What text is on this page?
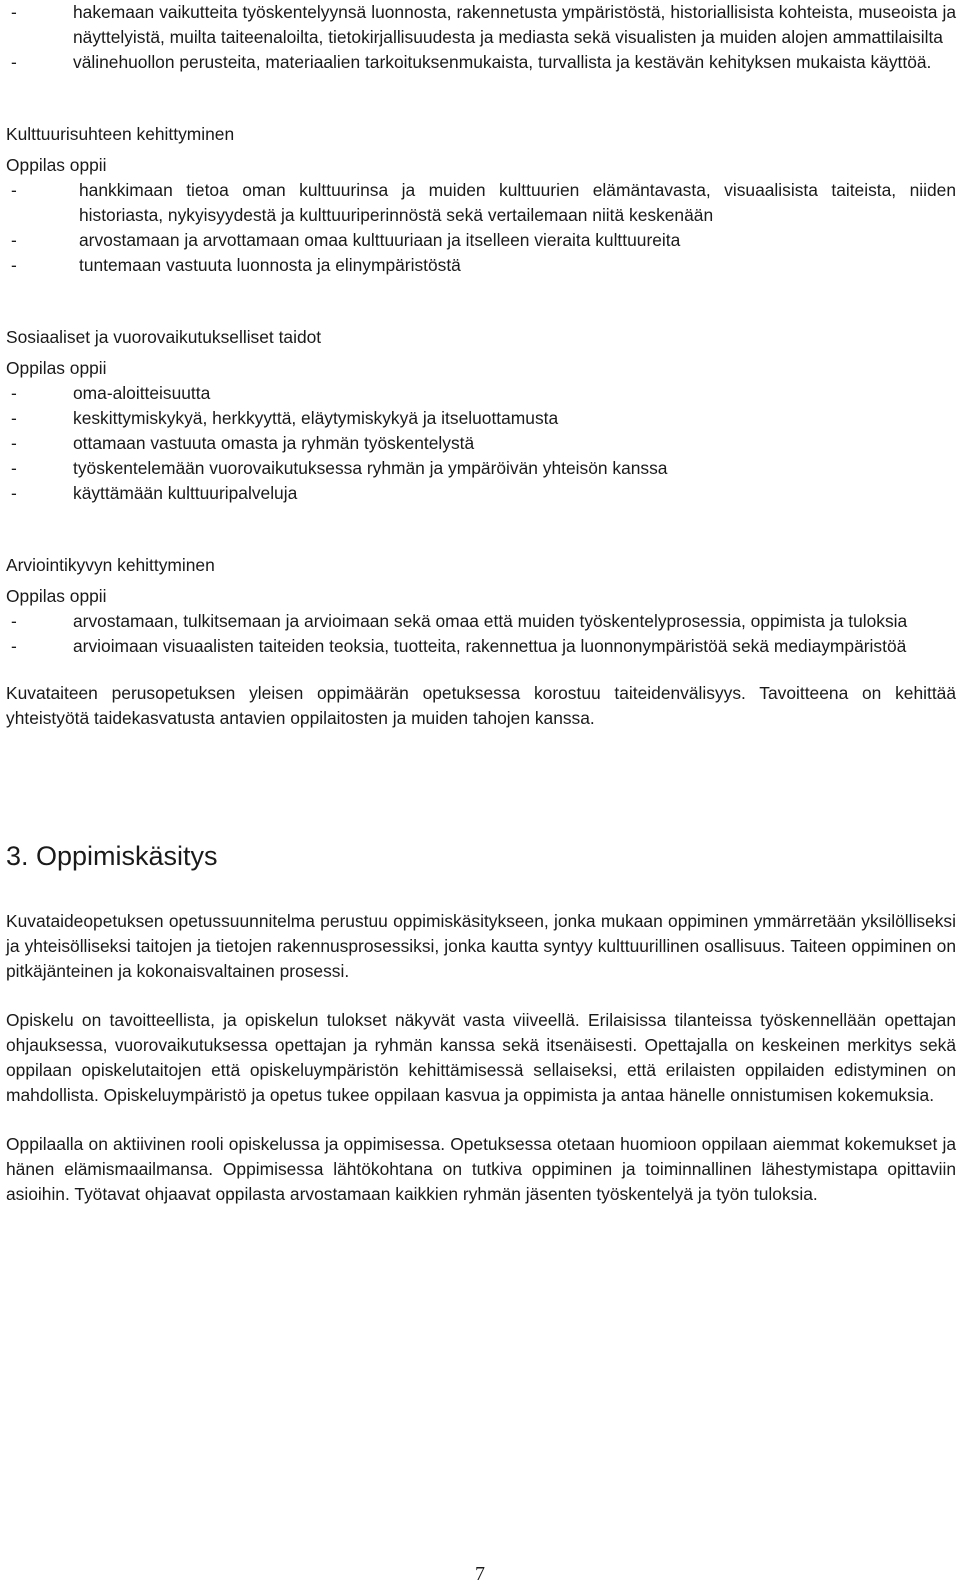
-	hakemaan vaikutteita työskentelyynsä luonnosta, rakennetusta ympäristöstä, historiallisista kohteista, museoista ja näyttelyistä, muilta taiteenaloilta, tietokirjallisuudesta ja mediasta sekä visualisten ja muiden alojen ammattilaisilta
-	välinehuollon perusteita, materiaalien tarkoituksenmukaista, turvallista ja kestävän kehityksen mukaista käyttöä.
Kulttuurisuhteen kehittyminen
Oppilas oppii
-	hankkimaan tietoa oman kulttuurinsa ja muiden kulttuurien elämäntavasta, visuaalisista taiteista, niiden historiasta, nykyisyydestä ja kulttuuriperinnöstä sekä vertailemaan niitä keskenään
-	arvostamaan ja arvottamaan omaa kulttuuriaan ja itselleen vieraita kulttuureita
-	tuntemaan vastuuta luonnosta ja elinympäristöstä
Sosiaaliset ja vuorovaikutukselliset taidot
Oppilas oppii
-	oma-aloitteisuutta
-	keskittymiskykyä, herkkyyttä, eläytymiskykyä ja itseluottamusta
-	ottamaan vastuuta omasta ja ryhmän työskentelystä
-	työskentelemään vuorovaikutuksessa ryhmän ja ympäröivän yhteisön kanssa
-	käyttämään kulttuuripalveluja
Arviointikyvyn kehittyminen
Oppilas oppii
-	arvostamaan, tulkitsemaan ja arvioimaan sekä omaa että muiden työskentelyprosessia, oppimista ja tuloksia
-	arvioimaan visuaalisten taiteiden teoksia, tuotteita, rakennettua ja luonnonympäristöä sekä mediaympäristöä

Kuvataiteen perusopetuksen yleisen oppimäärän opetuksessa korostuu taiteidenvälisyys. Tavoitteena on kehittää yhteistyötä taidekasvatusta antavien oppilaitosten ja muiden tahojen kanssa.

3. Oppimiskäsitys

Kuvataideopetuksen opetussuunnitelma perustuu oppimiskäsitykseen, jonka mukaan oppiminen ymmärretään yksilölliseksi ja yhteisölliseksi taitojen ja tietojen rakennusprosessiksi, jonka kautta syntyy kulttuurillinen osallisuus. Taiteen oppiminen on pitkäjänteinen ja kokonaisvaltainen prosessi.

Opiskelu on tavoitteellista, ja opiskelun tulokset näkyvät vasta viiveellä. Erilaisissa tilanteissa työskennellään opettajan ohjauksessa, vuorovaikutuksessa opettajan ja ryhmän kanssa sekä itsenäisesti. Opettajalla on keskeinen merkitys sekä oppilaan opiskelutaitojen että opiskeluympäristön kehittämisessä sellaiseksi, että erilaisten oppilaiden edistyminen on mahdollista. Opiskeluympäristö ja opetus tukee oppilaan kasvua ja oppimista ja antaa hänelle onnistumisen kokemuksia.

Oppilaalla on aktiivinen rooli opiskelussa ja oppimisessa. Opetuksessa otetaan huomioon oppilaan aiemmat kokemukset ja hänen elämismaailmansa. Oppimisessa lähtökohtana on tutkiva oppiminen ja toiminnallinen lähestymistapa opittaviin asioihin. Työtavat ohjaavat oppilasta arvostamaan kaikkien ryhmän jäsenten työskentelyä ja työn tuloksia.

7
